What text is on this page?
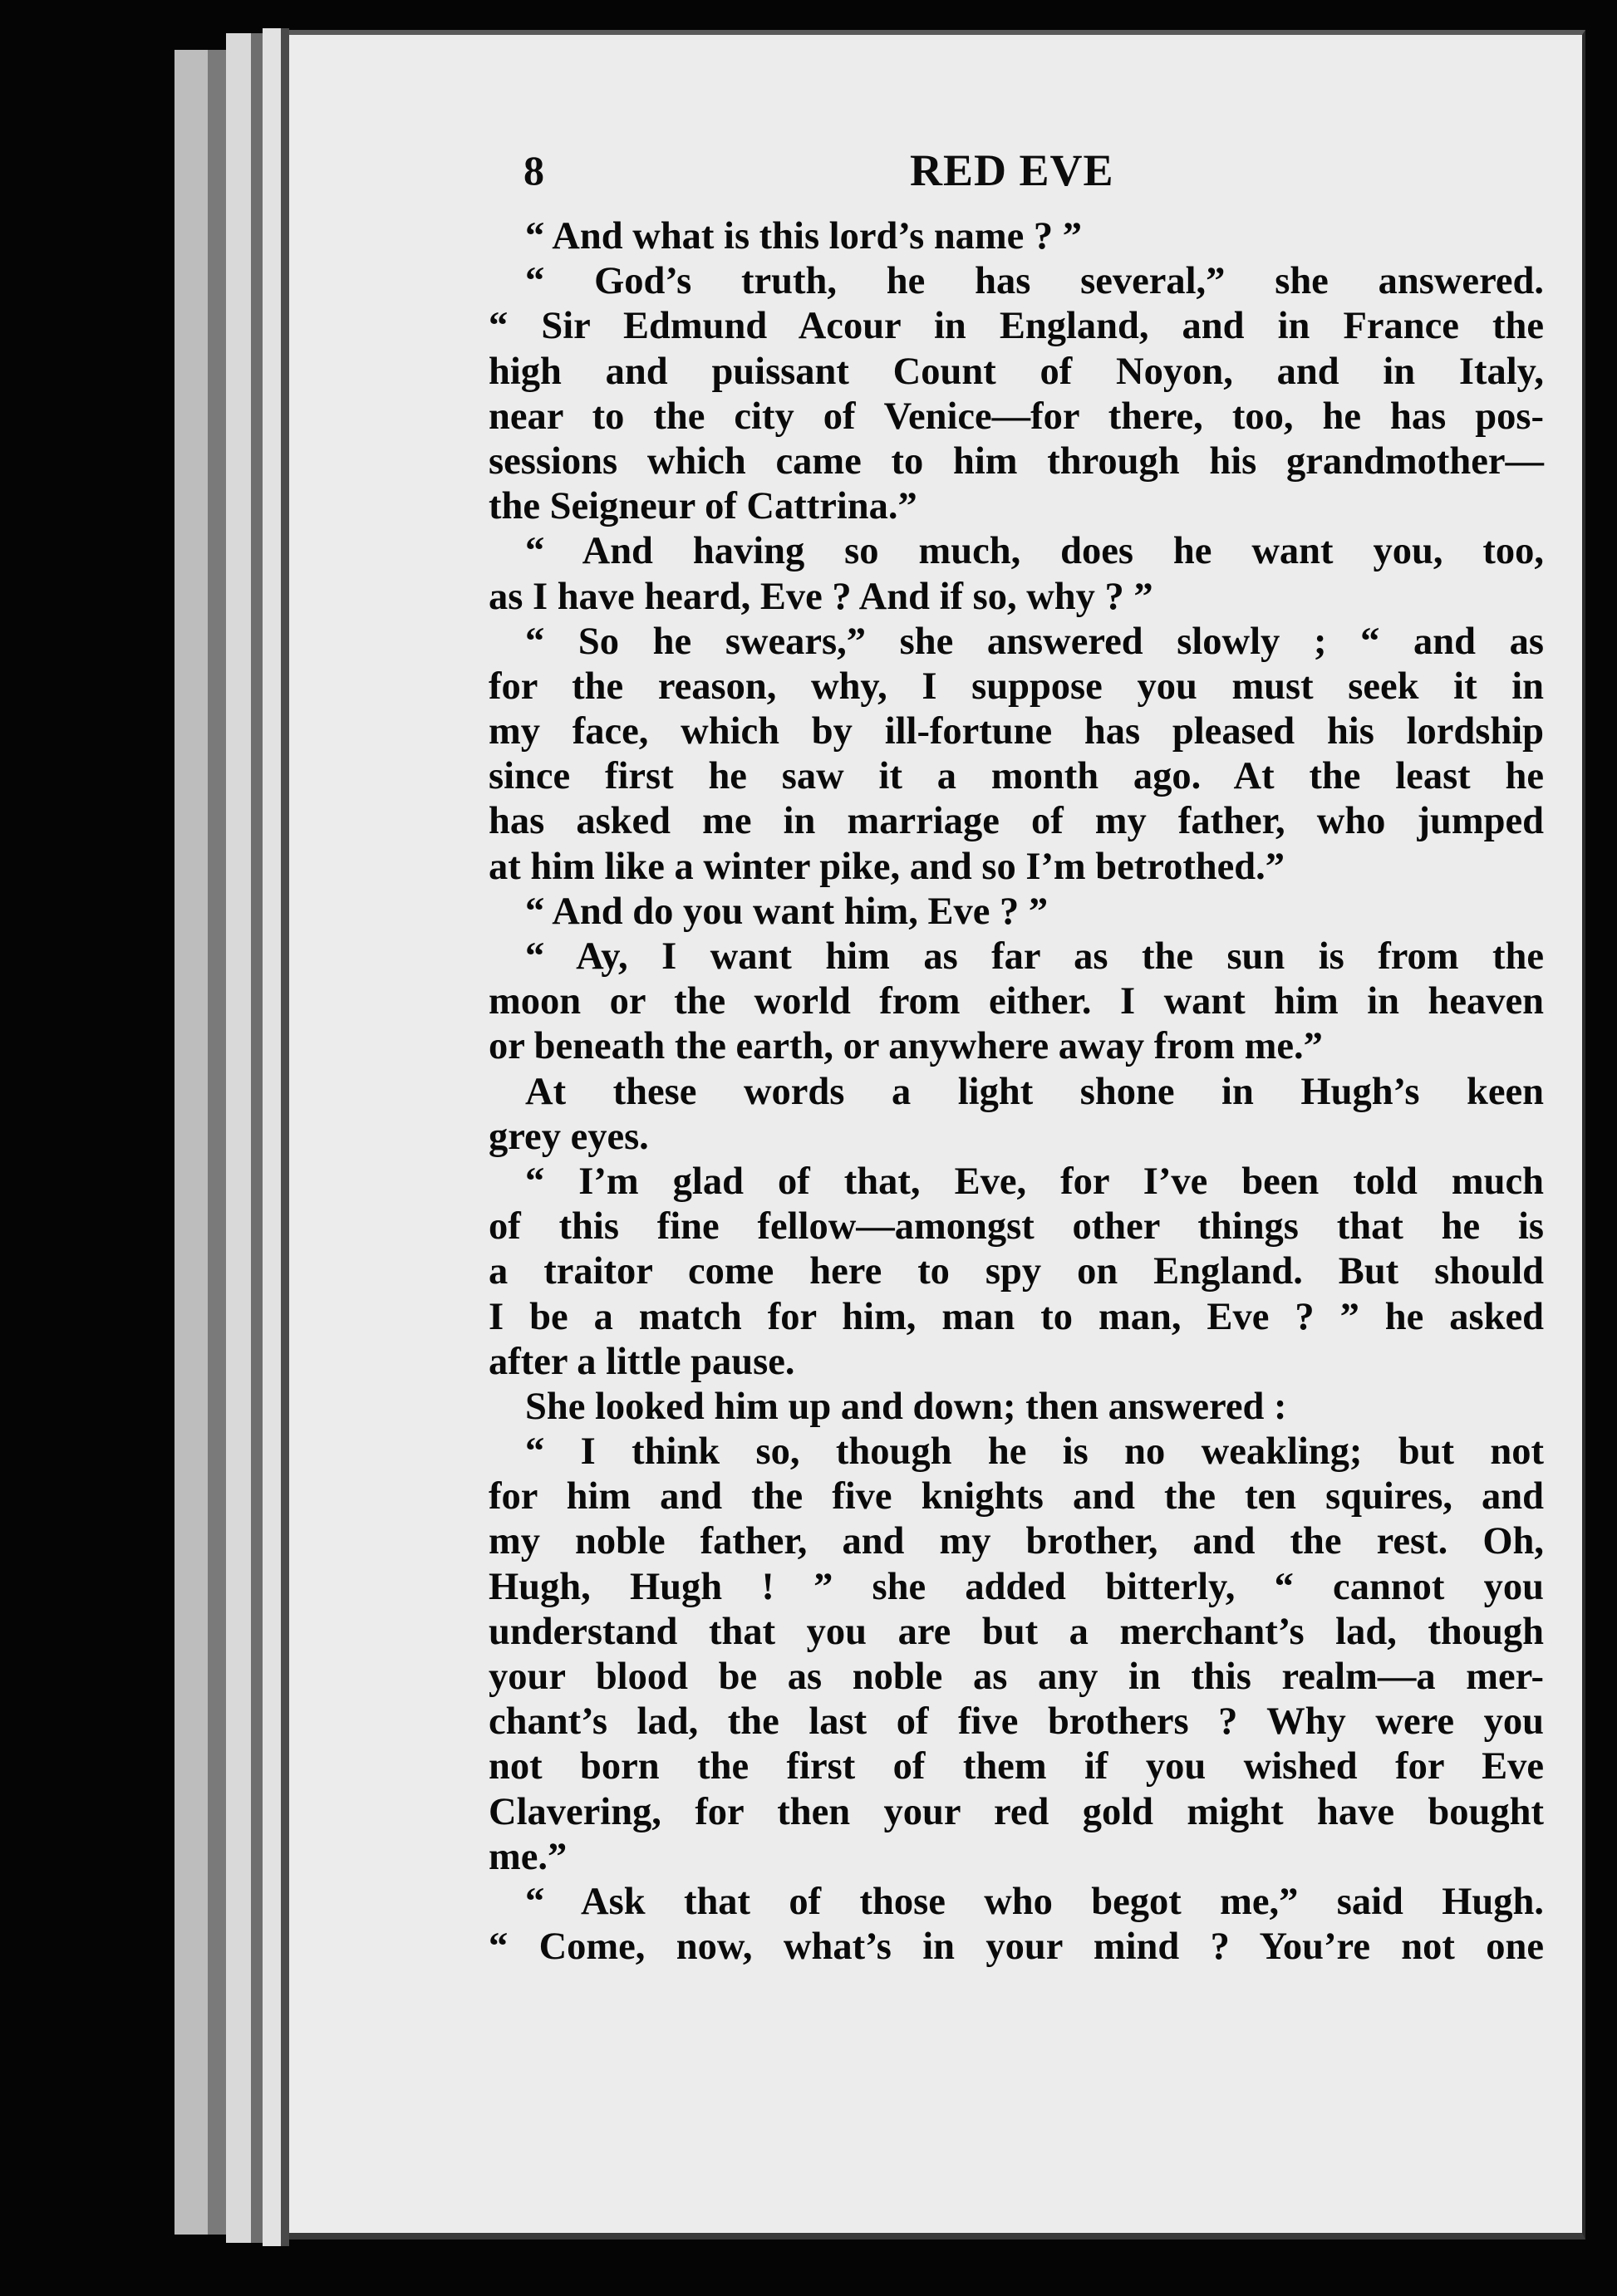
8	RED EVE
“ And what is this lord’s name ? ”
“ God’s truth, he has several,” she answered.
“ Sir Edmund Acour in England, and in France the
high and puissant Count of Noyon, and in Italy,
near to the city of Venice—for there, too, he has pos-
sessions which came to him through his grandmother—
the Seigneur of Cattrina.”
“ And having so much, does he want you, too,
as I have heard, Eve ? And if so, why ? ”
“ So he swears,” she answered slowly ; “ and as
for the reason, why, I suppose you must seek it in
my face, which by ill-fortune has pleased his lordship
since first he saw it a month ago. At the least he
has asked me in marriage of my father, who jumped
at him like a winter pike, and so I’m betrothed.”
“ And do you want him, Eve ? ”
“ Ay, I want him as far as the sun is from the
moon or the world from either. I want him in heaven
or beneath the earth, or anywhere away from me.”
At these words a light shone in Hugh’s keen
grey eyes.
“ I’m glad of that, Eve, for I’ve been told much
of this fine fellow—amongst other things that he is
a traitor come here to spy on England. But should
I be a match for him, man to man, Eve ? ” he asked
after a little pause.
She looked him up and down; then answered :
“ I think so, though he is no weakling; but not
for him and the five knights and the ten squires, and
my noble father, and my brother, and the rest. Oh,
Hugh, Hugh ! ” she added bitterly, “ cannot you
understand that you are but a merchant’s lad, though
your blood be as noble as any in this realm—a mer-
chant’s lad, the last of five brothers ? Why were you
not born the first of them if you wished for Eve
Clavering, for then your red gold might have bought
me.”
“ Ask that of those who begot me,” said Hugh.
“ Come, now, what’s in your mind ? You’re not one
